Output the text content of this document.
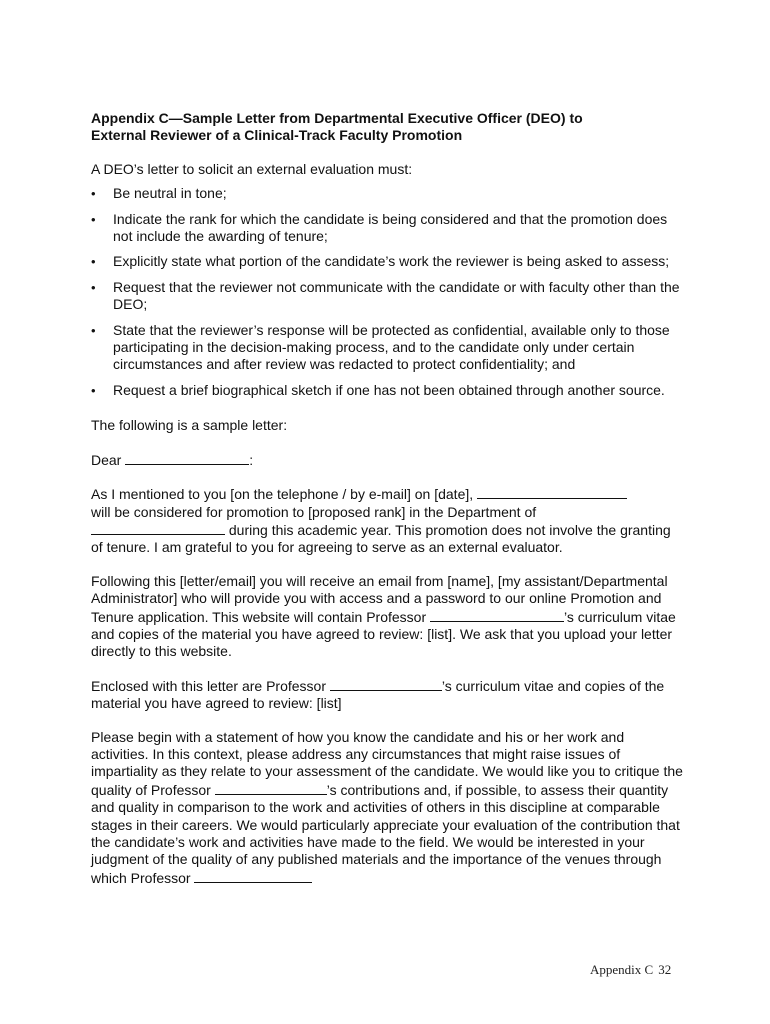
Appendix C—Sample Letter from Departmental Executive Officer (DEO) to
External Reviewer of a Clinical-Track Faculty Promotion

A DEO’s letter to solicit an external evaluation must:

•	Be neutral in tone;
•	Indicate the rank for which the candidate is being considered and that the promotion does not include the awarding of tenure;
•	Explicitly state what portion of the candidate’s work the reviewer is being asked to assess;
•	Request that the reviewer not communicate with the candidate or with faculty other than the DEO;
•	State that the reviewer’s response will be protected as confidential, available only to those participating in the decision-making process, and to the candidate only under certain circumstances and after review was redacted to protect confidentiality; and
•	Request a brief biographical sketch if one has not been obtained through another source.

The following is a sample letter:

Dear	:

As I mentioned to you [on the telephone / by e-mail] on [date],
will be considered for promotion to [proposed rank] in the Department of
during this academic year. This promotion does not involve the granting of tenure. I am grateful to you for agreeing to serve as an external evaluator.

Following this [letter/email] you will receive an email from [name], [my assistant/Departmental Administrator] who will provide you with access and a password to our online Promotion and Tenure application. This website will contain Professor	’s curriculum vitae and copies of the material you have agreed to review: [list]. We ask that you upload your letter directly to this website.

Enclosed with this letter are Professor	’s curriculum vitae and copies of the material you have agreed to review: [list]

Please begin with a statement of how you know the candidate and his or her work and activities. In this context, please address any circumstances that might raise issues of impartiality as they relate to your assessment of the candidate. We would like you to critique the quality of Professor	’s contributions and, if possible, to assess their quantity and quality in comparison to the work and activities of others in this discipline at comparable stages in their careers. We would particularly appreciate your evaluation of the contribution that the candidate’s work and activities have made to the field. We would be interested in your judgment of the quality of any published materials and the importance of the venues through which Professor

Appendix C 32
